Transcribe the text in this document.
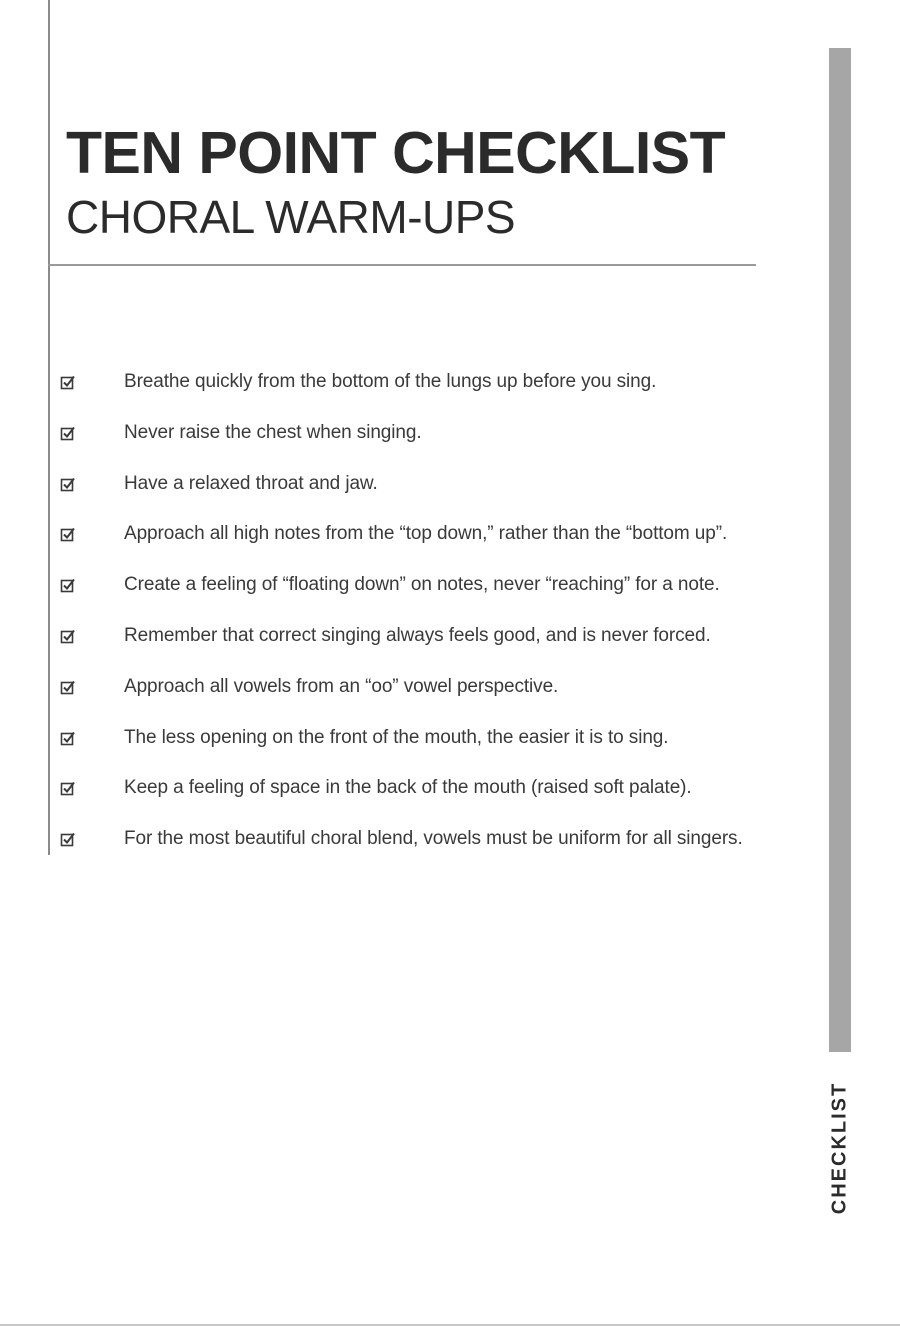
TEN POINT CHECKLIST
CHORAL WARM-UPS
CHECKLIST
Breathe quickly from the bottom of the lungs up before you sing.
Never raise the chest when singing.
Have a relaxed throat and jaw.
Approach all high notes from the “top down,” rather than the “bottom up”.
Create a feeling of “floating down” on notes, never “reaching” for a note.
Remember that correct singing always feels good, and is never forced.
Approach all vowels from an “oo” vowel perspective.
The less opening on the front of the mouth, the easier it is to sing.
Keep a feeling of space in the back of the mouth (raised soft palate).
For the most beautiful choral blend, vowels must be uniform for all singers.
